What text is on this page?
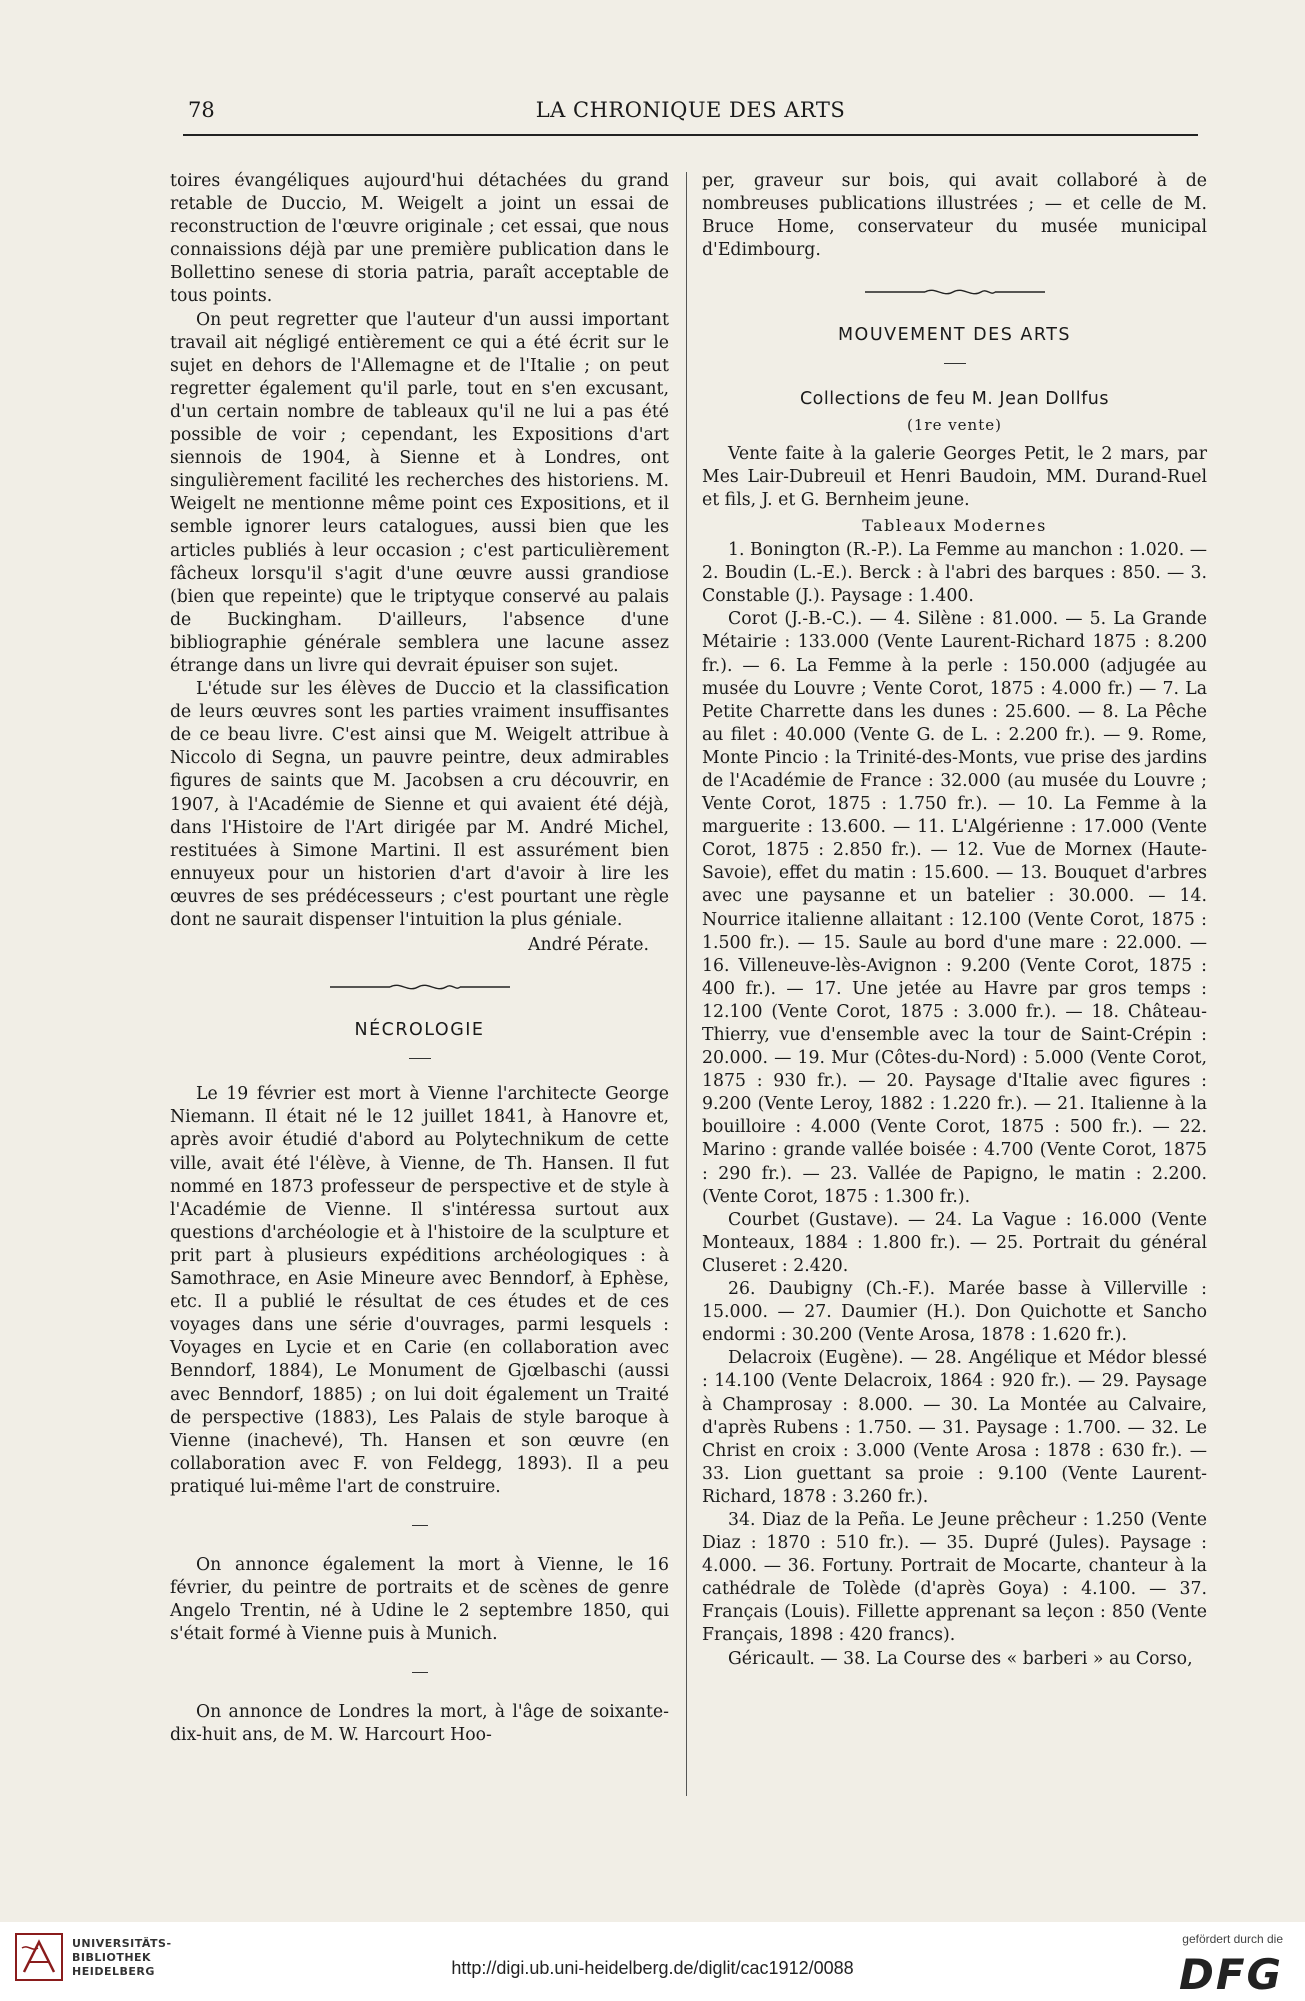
78	LA CHRONIQUE DES ARTS

toires évangéliques aujourd'hui détachées du grand retable de Duccio, M. Weigelt a joint un essai de reconstruction de l'œuvre originale ; cet essai, que nous connaissions déjà par une première publication dans le Bollettino senese di storia patria, paraît acceptable de tous points.

On peut regretter que l'auteur d'un aussi important travail ait négligé entièrement ce qui a été écrit sur le sujet en dehors de l'Allemagne et de l'Italie ; on peut regretter également qu'il parle, tout en s'en excusant, d'un certain nombre de tableaux qu'il ne lui a pas été possible de voir ; cependant, les Expositions d'art siennois de 1904, à Sienne et à Londres, ont singulièrement facilité les recherches des historiens. M. Weigelt ne mentionne même point ces Expositions, et il semble ignorer leurs catalogues, aussi bien que les articles publiés à leur occasion ; c'est particulièrement fâcheux lorsqu'il s'agit d'une œuvre aussi grandiose (bien que repeinte) que le triptyque conservé au palais de Buckingham. D'ailleurs, l'absence d'une bibliographie générale semblera une lacune assez étrange dans un livre qui devrait épuiser son sujet.

L'étude sur les élèves de Duccio et la classification de leurs œuvres sont les parties vraiment insuffisantes de ce beau livre. C'est ainsi que M. Weigelt attribue à Niccolo di Segna, un pauvre peintre, deux admirables figures de saints que M. Jacobsen a cru découvrir, en 1907, à l'Académie de Sienne et qui avaient été déjà, dans l'Histoire de l'Art dirigée par M. André Michel, restituées à Simone Martini. Il est assurément bien ennuyeux pour un historien d'art d'avoir à lire les œuvres de ses prédécesseurs ; c'est pourtant une règle dont ne saurait dispenser l'intuition la plus géniale.

André Pérate.

NÉCROLOGIE

Le 19 février est mort à Vienne l'architecte George Niemann. Il était né le 12 juillet 1841, à Hanovre et, après avoir étudié d'abord au Polytechnikum de cette ville, avait été l'élève, à Vienne, de Th. Hansen. Il fut nommé en 1873 professeur de perspective et de style à l'Académie de Vienne. Il s'intéressa surtout aux questions d'archéologie et à l'histoire de la sculpture et prit part à plusieurs expéditions archéologiques : à Samothrace, en Asie Mineure avec Benndorf, à Ephèse, etc. Il a publié le résultat de ces études et de ces voyages dans une série d'ouvrages, parmi lesquels : Voyages en Lycie et en Carie (en collaboration avec Benndorf, 1884), Le Monument de Gjœlbaschi (aussi avec Benndorf, 1885) ; on lui doit également un Traité de perspective (1883), Les Palais de style baroque à Vienne (inachevé), Th. Hansen et son œuvre (en collaboration avec F. von Feldegg, 1893). Il a peu pratiqué lui-même l'art de construire.

On annonce également la mort à Vienne, le 16 février, du peintre de portraits et de scènes de genre Angelo Trentin, né à Udine le 2 septembre 1850, qui s'était formé à Vienne puis à Munich.

On annonce de Londres la mort, à l'âge de soixante-dix-huit ans, de M. W. Harcourt Hoo-

per, graveur sur bois, qui avait collaboré à de nombreuses publications illustrées ; — et celle de M. Bruce Home, conservateur du musée municipal d'Edimbourg.

MOUVEMENT DES ARTS

Collections de feu M. Jean Dollfus

(1re vente)

Vente faite à la galerie Georges Petit, le 2 mars, par Mes Lair-Dubreuil et Henri Baudoin, MM. Durand-Ruel et fils, J. et G. Bernheim jeune.

Tableaux Modernes

1. Bonington (R.-P.). La Femme au manchon : 1.020. — 2. Boudin (L.-E.). Berck : à l'abri des barques : 850. — 3. Constable (J.). Paysage : 1.400.

Corot (J.-B.-C.). — 4. Silène : 81.000. — 5. La Grande Métairie : 133.000 (Vente Laurent-Richard 1875 : 8.200 fr.). — 6. La Femme à la perle : 150.000 (adjugée au musée du Louvre ; Vente Corot, 1875 : 4.000 fr.) — 7. La Petite Charrette dans les dunes : 25.600. — 8. La Pêche au filet : 40.000 (Vente G. de L. : 2.200 fr.). — 9. Rome, Monte Pincio : la Trinité-des-Monts, vue prise des jardins de l'Académie de France : 32.000 (au musée du Louvre ; Vente Corot, 1875 : 1.750 fr.). — 10. La Femme à la marguerite : 13.600. — 11. L'Algérienne : 17.000 (Vente Corot, 1875 : 2.850 fr.). — 12. Vue de Mornex (Haute-Savoie), effet du matin : 15.600. — 13. Bouquet d'arbres avec une paysanne et un batelier : 30.000. — 14. Nourrice italienne allaitant : 12.100 (Vente Corot, 1875 : 1.500 fr.). — 15. Saule au bord d'une mare : 22.000. — 16. Villeneuve-lès-Avignon : 9.200 (Vente Corot, 1875 : 400 fr.). — 17. Une jetée au Havre par gros temps : 12.100 (Vente Corot, 1875 : 3.000 fr.). — 18. Château-Thierry, vue d'ensemble avec la tour de Saint-Crépin : 20.000. — 19. Mur (Côtes-du-Nord) : 5.000 (Vente Corot, 1875 : 930 fr.). — 20. Paysage d'Italie avec figures : 9.200 (Vente Leroy, 1882 : 1.220 fr.). — 21. Italienne à la bouilloire : 4.000 (Vente Corot, 1875 : 500 fr.). — 22. Marino : grande vallée boisée : 4.700 (Vente Corot, 1875 : 290 fr.). — 23. Vallée de Papigno, le matin : 2.200. (Vente Corot, 1875 : 1.300 fr.).

Courbet (Gustave). — 24. La Vague : 16.000 (Vente Monteaux, 1884 : 1.800 fr.). — 25. Portrait du général Cluseret : 2.420.

26. Daubigny (Ch.-F.). Marée basse à Villerville : 15.000. — 27. Daumier (H.). Don Quichotte et Sancho endormi : 30.200 (Vente Arosa, 1878 : 1.620 fr.).

Delacroix (Eugène). — 28. Angélique et Médor blessé : 14.100 (Vente Delacroix, 1864 : 920 fr.). — 29. Paysage à Champrosay : 8.000. — 30. La Montée au Calvaire, d'après Rubens : 1.750. — 31. Paysage : 1.700. — 32. Le Christ en croix : 3.000 (Vente Arosa : 1878 : 630 fr.). — 33. Lion guettant sa proie : 9.100 (Vente Laurent-Richard, 1878 : 3.260 fr.).

34. Diaz de la Peña. Le Jeune prêcheur : 1.250 (Vente Diaz : 1870 : 510 fr.). — 35. Dupré (Jules). Paysage : 4.000. — 36. Fortuny. Portrait de Mocarte, chanteur à la cathédrale de Tolède (d'après Goya) : 4.100. — 37. Français (Louis). Fillette apprenant sa leçon : 850 (Vente Français, 1898 : 420 francs).

Géricault. — 38. La Course des « barberi » au Corso,

UNIVERSITÄTS-
BIBLIOTHEK
HEIDELBERG	http://digi.ub.uni-heidelberg.de/diglit/cac1912/0088
gefördert durch die
DFG
